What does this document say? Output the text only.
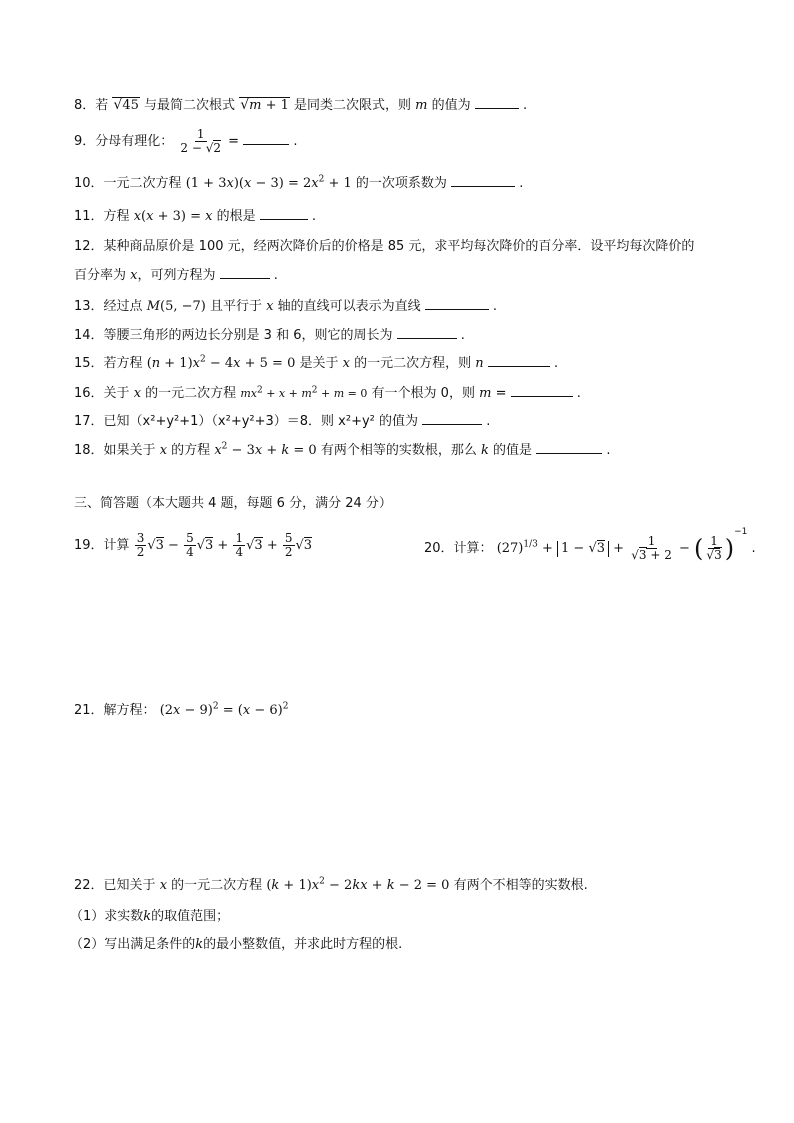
8．若 √45 与最简二次根式 √m + 1 是同类二次限式，则 m 的值为	.
9．分母有理化： $\frac{1}{2 - √2}$ =	.
10．一元二次方程 $(1 + 3x)(x - 3) = 2x^2 + 1$ 的一次项系数为	.
11．方程 x(x + 3) = x 的根是	.
12．某种商品原价是 100 元，经两次降价后的价格是 85 元，求平均每次降价的百分率．设平均每次降价的
百分率为 x，可列方程为	.
13．经过点 M(5, −7) 且平行于 x 轴的直线可以表示为直线	.
14．等腰三角形的两边长分别是 3 和 6，则它的周长为	.
15．若方程 $(n + 1)x^2 - 4x + 5 = 0$ 是关于 x 的一元二次方程，则 n	.
16．关于 x 的一元二次方程 $mx^2 + x + m^2 + m = 0$ 有一个根为 0，则 m =	.
17．已知（x²+y²+1）（x²+y²+3）＝8．则 x²+y² 的值为	.
18．如果关于 x 的方程 $x^2 - 3x + k = 0$ 有两个相等的实数根，那么 k 的值是	.
三、简答题（本大题共 4 题，每题 6 分，满分 24 分）
19．计算 $\frac{3}{2} √3 - \frac{5}{4} √3 + \frac{1}{4} √3 + \frac{5}{2} √3$	20．计算： $(27)^{1/3} + 1 - √3 + \frac{1}{√3 + 2}$ − ( $\frac{1}{√3} )^{-1}$ .
21．解方程： $(2x - 9)^2 = (x - 6)^2$
22．已知关于 x 的一元二次方程 $(k + 1)x^2 - 2kx + k - 2 = 0$ 有两个不相等的实数根.
（1）求实数k的取值范围；
（2）写出满足条件的k的最小整数值，并求此时方程的根.
